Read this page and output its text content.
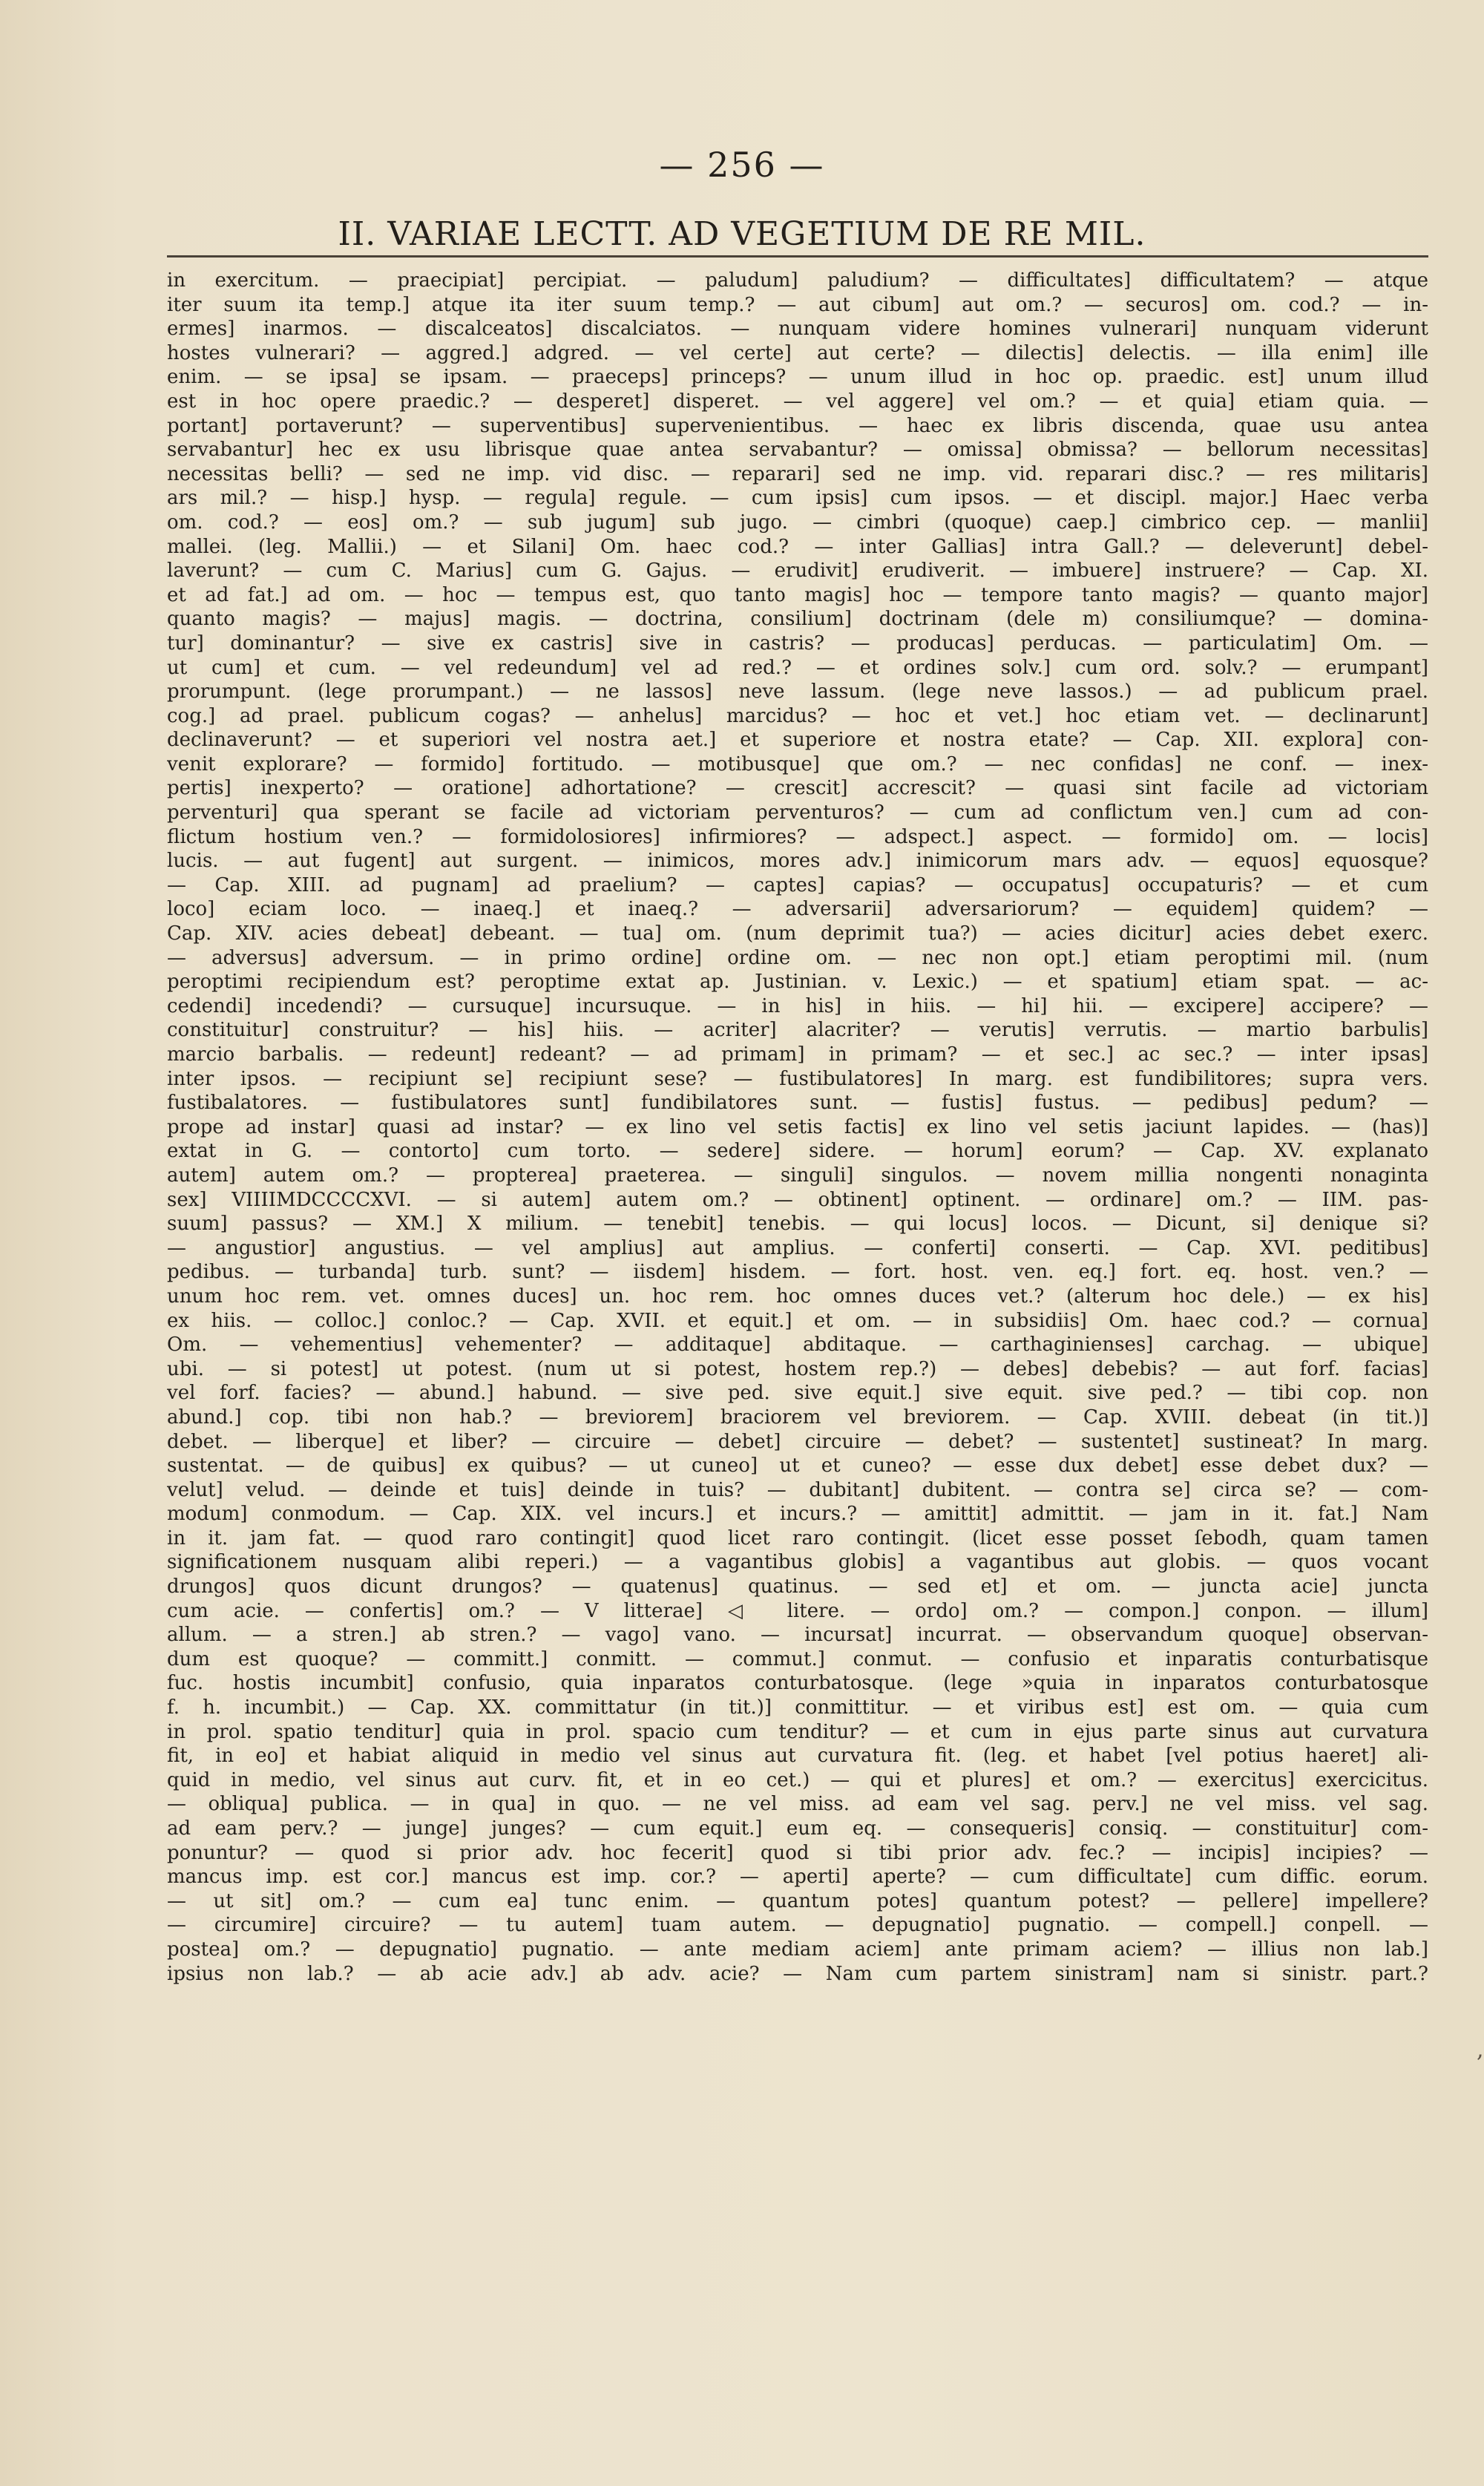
— 256 —
II. VARIAE LECTT. AD VEGETIUM DE RE MIL.
in exercitum. — praecipiat] percipiat. — paludum] paludium? — difficultates] difficultatem? — atque
iter suum ita temp.] atque ita iter suum temp.? — aut cibum] aut om.? — securos] om. cod.? — in-
ermes] inarmos. — discalceatos] discalciatos. — nunquam videre homines vulnerari] nunquam viderunt
hostes vulnerari? — aggred.] adgred. — vel certe] aut certe? — dilectis] delectis. — illa enim] ille
enim. — se ipsa] se ipsam. — praeceps] princeps? — unum illud in hoc op. praedic. est] unum illud
est in hoc opere praedic.? — desperet] disperet. — vel aggere] vel om.? — et quia] etiam quia. —
portant] portaverunt? — superventibus] supervenientibus. — haec ex libris discenda, quae usu antea
servabantur] hec ex usu librisque quae antea servabantur? — omissa] obmissa? — bellorum necessitas]
necessitas belli? — sed ne imp. vid disc. — reparari] sed ne imp. vid. reparari disc.? — res militaris]
ars mil.? — hisp.] hysp. — regula] regule. — cum ipsis] cum ipsos. — et discipl. major.] Haec verba
om. cod.? — eos] om.? — sub jugum] sub jugo. — cimbri (quoque) caep.] cimbrico cep. — manlii]
mallei. (leg. Mallii.) — et Silani] Om. haec cod.? — inter Gallias] intra Gall.? — deleverunt] debel-
laverunt? — cum C. Marius] cum G. Gajus. — erudivit] erudiverit. — imbuere] instruere? — Cap. XI.
et ad fat.] ad om. — hoc — tempus est, quo tanto magis] hoc — tempore tanto magis? — quanto major]
quanto magis? — majus] magis. — doctrina, consilium] doctrinam (dele m) consiliumque? — domina-
tur] dominantur? — sive ex castris] sive in castris? — producas] perducas. — particulatim] Om. —
ut cum] et cum. — vel redeundum] vel ad red.? — et ordines solv.] cum ord. solv.? — erumpant]
prorumpunt. (lege prorumpant.) — ne lassos] neve lassum. (lege neve lassos.) — ad publicum prael.
cog.] ad prael. publicum cogas? — anhelus] marcidus? — hoc et vet.] hoc etiam vet. — declinarunt]
declinaverunt? — et superiori vel nostra aet.] et superiore et nostra etate? — Cap. XII. explora] con-
venit explorare? — formido] fortitudo. — motibusque] que om.? — nec confidas] ne conf. — inex-
pertis] inexperto? — oratione] adhortatione? — crescit] accrescit? — quasi sint facile ad victoriam
perventuri] qua sperant se facile ad victoriam perventuros? — cum ad conflictum ven.] cum ad con-
flictum hostium ven.? — formidolosiores] infirmiores? — adspect.] aspect. — formido] om. — locis]
lucis. — aut fugent] aut surgent. — inimicos, mores adv.] inimicorum mars adv. — equos] equosque?
— Cap. XIII. ad pugnam] ad praelium? — captes] capias? — occupatus] occupaturis? — et cum
loco] eciam loco. — inaeq.] et inaeq.? — adversarii] adversariorum? — equidem] quidem? —
Cap. XIV. acies debeat] debeant. — tua] om. (num deprimit tua?) — acies dicitur] acies debet exerc.
— adversus] adversum. — in primo ordine] ordine om. — nec non opt.] etiam peroptimi mil. (num
peroptimi recipiendum est? peroptime extat ap. Justinian. v. Lexic.) — et spatium] etiam spat. — ac-
cedendi] incedendi? — cursuque] incursuque. — in his] in hiis. — hi] hii. — excipere] accipere? —
constituitur] construitur? — his] hiis. — acriter] alacriter? — verutis] verrutis. — martio barbulis]
marcio barbalis. — redeunt] redeant? — ad primam] in primam? — et sec.] ac sec.? — inter ipsas]
inter ipsos. — recipiunt se] recipiunt sese? — fustibulatores] In marg. est fundibilitores; supra vers.
fustibalatores. — fustibulatores sunt] fundibilatores sunt. — fustis] fustus. — pedibus] pedum? —
prope ad instar] quasi ad instar? — ex lino vel setis factis] ex lino vel setis jaciunt lapides. — (has)]
extat in G. — contorto] cum torto. — sedere] sidere. — horum] eorum? — Cap. XV. explanato
autem] autem om.? — propterea] praeterea. — singuli] singulos. — novem millia nongenti nonaginta
sex] VIIIIMDCCCCXVI. — si autem] autem om.? — obtinent] optinent. — ordinare] om.? — IIM. pas-
suum] passus? — XM.] X milium. — tenebit] tenebis. — qui locus] locos. — Dicunt, si] denique si?
— angustior] angustius. — vel amplius] aut amplius. — conferti] conserti. — Cap. XVI. peditibus]
pedibus. — turbanda] turb. sunt? — iisdem] hisdem. — fort. host. ven. eq.] fort. eq. host. ven.? —
unum hoc rem. vet. omnes duces] un. hoc rem. hoc omnes duces vet.? (alterum hoc dele.) — ex his]
ex hiis. — colloc.] conloc.? — Cap. XVII. et equit.] et om. — in subsidiis] Om. haec cod.? — cornua]
Om. — vehementius] vehementer? — additaque] abditaque. — carthaginienses] carchag. — ubique]
ubi. — si potest] ut potest. (num ut si potest, hostem rep.?) — debes] debebis? — aut forf. facias]
vel forf. facies? — abund.] habund. — sive ped. sive equit.] sive equit. sive ped.? — tibi cop. non
abund.] cop. tibi non hab.? — breviorem] braciorem vel breviorem. — Cap. XVIII. debeat (in tit.)]
debet. — liberque] et liber? — circuire — debet] circuire — debet? — sustentet] sustineat? In marg.
sustentat. — de quibus] ex quibus? — ut cuneo] ut et cuneo? — esse dux debet] esse debet dux? —
velut] velud. — deinde et tuis] deinde in tuis? — dubitant] dubitent. — contra se] circa se? — com-
modum] conmodum. — Cap. XIX. vel incurs.] et incurs.? — amittit] admittit. — jam in it. fat.] Nam
in it. jam fat. — quod raro contingit] quod licet raro contingit. (licet esse posset ſebodh, quam tamen
significationem nusquam alibi reperi.) — a vagantibus globis] a vagantibus aut globis. — quos vocant
drungos] quos dicunt drungos? — quatenus] quatinus. — sed et] et om. — juncta acie] juncta
cum acie. — confertis] om.? — V litterae] ◁ litere. — ordo] om.? — compon.] conpon. — illum]
allum. — a stren.] ab stren.? — vago] vano. — incursat] incurrat. — observandum quoque] observan-
dum est quoque? — committ.] conmitt. — commut.] conmut. — confusio et inparatis conturbatisque
fuc. hostis incumbit] confusio, quia inparatos conturbatosque. (lege »quia in inparatos conturbatosque
f. h. incumbit.) — Cap. XX. committatur (in tit.)] conmittitur. — et viribus est] est om. — quia cum
in prol. spatio tenditur] quia in prol. spacio cum tenditur? — et cum in ejus parte sinus aut curvatura
fit, in eo] et habiat aliquid in medio vel sinus aut curvatura fit. (leg. et habet [vel potius haeret] ali-
quid in medio, vel sinus aut curv. fit, et in eo cet.) — qui et plures] et om.? — exercitus] exercicitus.
— obliqua] publica. — in qua] in quo. — ne vel miss. ad eam vel sag. perv.] ne vel miss. vel sag.
ad eam perv.? — junge] junges? — cum equit.] eum eq. — consequeris] consiq. — constituitur] com-
ponuntur? — quod si prior adv. hoc fecerit] quod si tibi prior adv. fec.? — incipis] incipies? —
mancus imp. est cor.] mancus est imp. cor.? — aperti] aperte? — cum difficultate] cum diffic. eorum.
— ut sit] om.? — cum ea] tunc enim. — quantum potes] quantum potest? — pellere] impellere?
— circumire] circuire? — tu autem] tuam autem. — depugnatio] pugnatio. — compell.] conpell. —
postea] om.? — depugnatio] pugnatio. — ante mediam aciem] ante primam aciem? — illius non lab.]
ipsius non lab.? — ab acie adv.] ab adv. acie? — Nam cum partem sinistram] nam si sinistr. part.?
,
